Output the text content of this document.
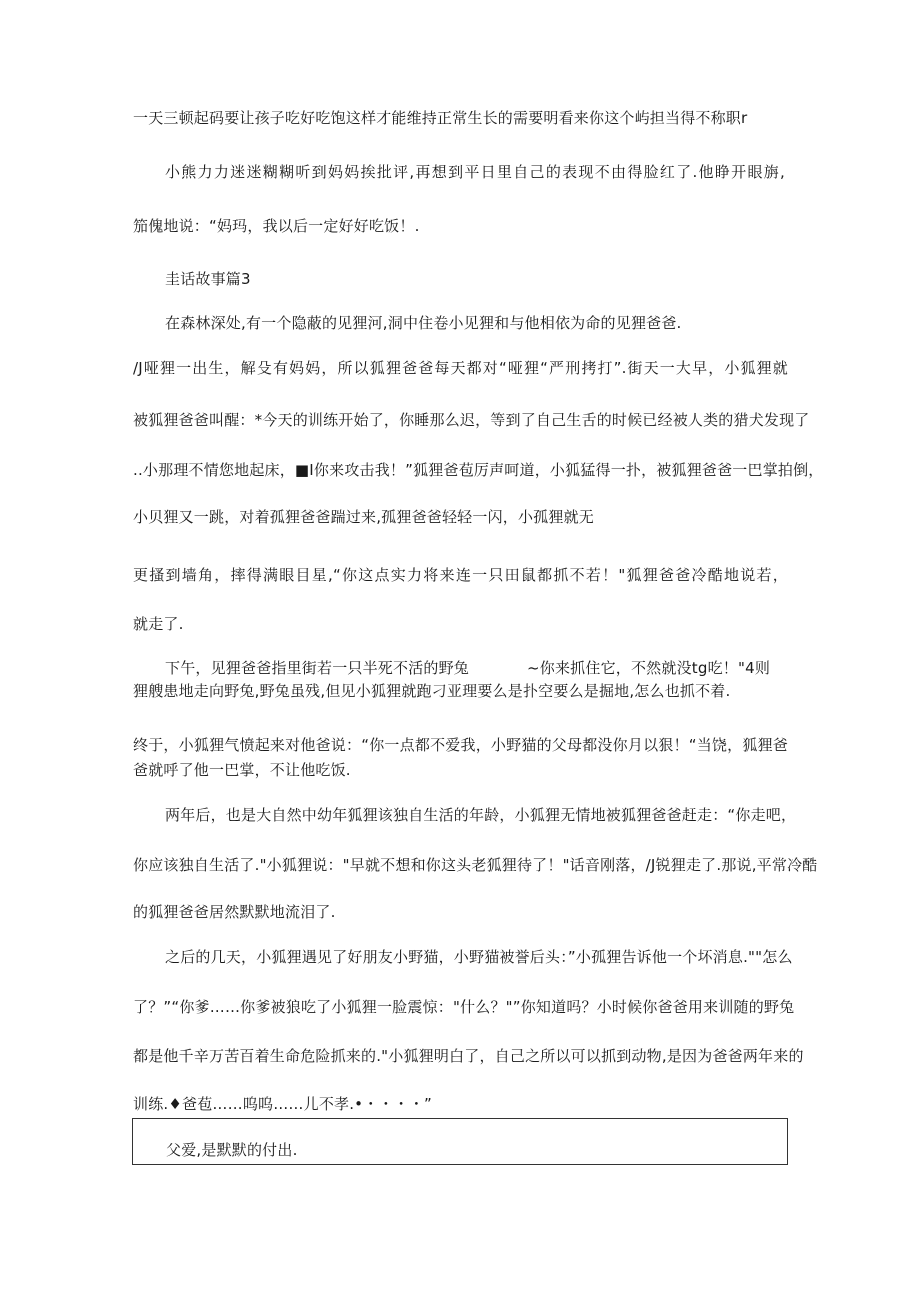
一天三顿起码要让孩子吃好吃饱这样才能维持正常生长的需要明看来你这个屿担当得不称职r
小熊力力迷迷糊糊听到妈妈挨批评,再想到平日里自己的表现不由得脸红了.他睁开眼旃,
笳傀地说：“妈玛，我以后一定好好吃饭！.
圭话故事篇3
在森林深处,有一个隐蔽的见狸河,洞中住卷小见狸和与他相依为命的见狸爸爸.
/J哑狸一出生，解殳有妈妈，所以狐狸爸爸每天都对“哑狸“严刑拷打”.街天一大早，小狐狸就
被狐狸爸爸叫醒：*今天的训练开始了，你睡那么迟，等到了自己生舌的时候已经被人类的猎犬发现了
..小那理不情您地起床，■I你来攻击我！”狐狸爸苞厉声呵道，小狐猛得一扑，被狐狸爸爸一巴掌拍倒，
小贝狸又一跳，对着孤狸爸爸踹过来,孤狸爸爸轻轻一闪，小孤狸就无
更搔到墙角，摔得满眼目星,“你这点实力将来连一只田鼠都抓不若！"狐狸爸爸冷酷地说若，
就走了.
下午，见狸爸爸指里街若一只半死不活的野兔	~你来抓住它，不然就没tg吃！"4则
狸艘患地走向野兔,野兔虽残,但见小狐狸就跑刁亚理要么是扑空要么是掘地,怎么也抓不着.
终于，小狐狸气愤起来对他爸说：“你一点都不爱我，小野猫的父母都没你月以狠！“当饶，狐狸爸
爸就呼了他一巴掌，不让他吃饭.
两年后，也是大自然中幼年狐狸该独自生活的年龄，小狐狸无情地被狐狸爸爸赶走：“你走吧，
你应该独自生活了."小狐狸说："早就不想和你这头老狐狸待了！"话音刚落，/J锐狸走了.那说,平常冷酷
的狐狸爸爸居然默默地流泪了.
之后的几天，小狐狸遇见了好朋友小野猫，小野猫被誉后头：”小孤狸告诉他一个坏消息.""怎么
了？”“你爹……你爹被狼吃了小狐狸一脸震惊："什么？"”你知道吗？小时候你爸爸用来训随的野兔
都是他千辛万苦百着生命危险抓来的."小狐狸明白了，自己之所以可以抓到动物,是因为爸爸两年来的
训练.♦爸苞……呜呜……儿不孝.•・・・・”
父爱,是默默的付出.
